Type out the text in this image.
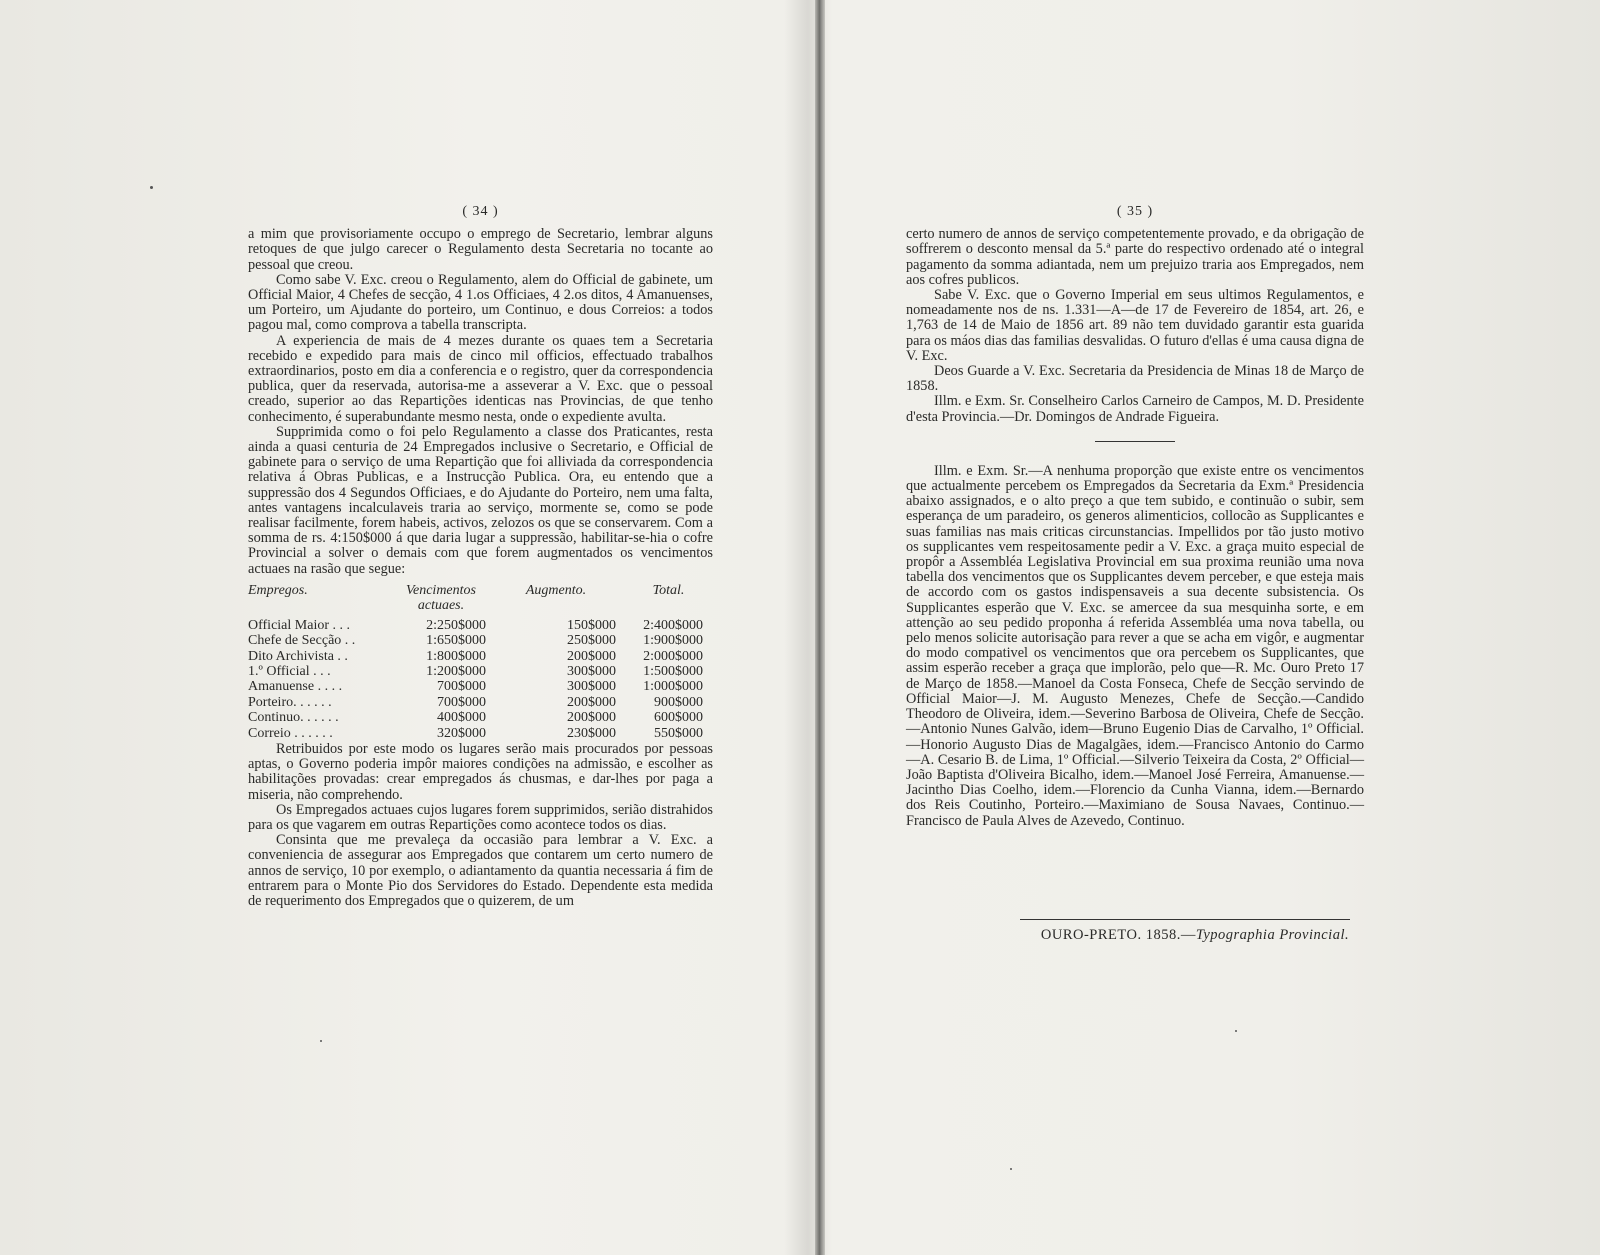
( 34 )

a mim que provisoriamente occupo o emprego de Secretario, lembrar alguns retoques de que julgo carecer o Regulamento desta Secretaria no tocante ao pessoal que creou.

Como sabe V. Exc. creou o Regulamento, alem do Official de gabinete, um Official Maior, 4 Chefes de secção, 4 1.os Officiaes, 4 2.os ditos, 4 Amanuenses, um Porteiro, um Ajudante do porteiro, um Continuo, e dous Correios: a todos pagou mal, como comprova a tabella transcripta.

A experiencia de mais de 4 mezes durante os quaes tem a Secretaria recebido e expedido para mais de cinco mil officios, effectuado trabalhos extraordinarios, posto em dia a conferencia e o registro, quer da correspondencia publica, quer da reservada, autorisa-me a asseverar a V. Exc. que o pessoal creado, superior ao das Repartições identicas nas Provincias, de que tenho conhecimento, é superabundante mesmo nesta, onde o expediente avulta.

Supprimida como o foi pelo Regulamento a classe dos Praticantes, resta ainda a quasi centuria de 24 Empregados inclusive o Secretario, e Official de gabinete para o serviço de uma Repartição que foi alliviada da correspondencia relativa á Obras Publicas, e a Instrucção Publica. Ora, eu entendo que a suppressão dos 4 Segundos Officiaes, e do Ajudante do Porteiro, nem uma falta, antes vantagens incalculaveis traria ao serviço, mormente se, como se pode realisar facilmente, forem habeis, activos, zelozos os que se conservarem. Com a somma de rs. 4:150$000 á que daria lugar a suppressão, habilitar-se-hia o cofre Provincial a solver o demais com que forem augmentados os vencimentos actuaes na rasão que segue:

Empregos.	Vencimentos actuaes.	Augmento.	Total.
Official Maior . . .	2:250$000	150$000	2:400$000
Chefe de Secção . .	1:650$000	250$000	1:900$000
Dito Archivista . .	1:800$000	200$000	2:000$000
1.º Official . . .	1:200$000	300$000	1:500$000
Amanuense . . . .	700$000	300$000	1:000$000
Porteiro. . . . . .	700$000	200$000	900$000
Continuo. . . . . .	400$000	200$000	600$000
Correio . . . . . .	320$000	230$000	550$000

Retribuidos por este modo os lugares serão mais procurados por pessoas aptas, o Governo poderia impôr maiores condições na admissão, e escolher as habilitações provadas: crear empregados ás chusmas, e dar-lhes por paga a miseria, não comprehendo.

Os Empregados actuaes cujos lugares forem supprimidos, serião distrahidos para os que vagarem em outras Repartições como acontece todos os dias.

Consinta que me prevaleça da occasião para lembrar a V. Exc. a conveniencia de assegurar aos Empregados que contarem um certo numero de annos de serviço, 10 por exemplo, o adiantamento da quantia necessaria á fim de entrarem para o Monte Pio dos Servidores do Estado. Dependente esta medida de requerimento dos Empregados que o quizerem, de um

( 35 )

certo numero de annos de serviço competentemente provado, e da obrigação de soffrerem o desconto mensal da 5.ª parte do respectivo ordenado até o integral pagamento da somma adiantada, nem um prejuizo traria aos Empregados, nem aos cofres publicos.

Sabe V. Exc. que o Governo Imperial em seus ultimos Regulamentos, e nomeadamente nos de ns. 1.331—A—de 17 de Fevereiro de 1854, art. 26, e 1,763 de 14 de Maio de 1856 art. 89 não tem duvidado garantir esta guarida para os máos dias das familias desvalidas. O futuro d'ellas é uma causa digna de V. Exc.

Deos Guarde a V. Exc. Secretaria da Presidencia de Minas 18 de Março de 1858.

Illm. e Exm. Sr. Conselheiro Carlos Carneiro de Campos, M. D. Presidente d'esta Provincia.—Dr. Domingos de Andrade Figueira.

Illm. e Exm. Sr.—A nenhuma proporção que existe entre os vencimentos que actualmente percebem os Empregados da Secretaria da Exm.ª Presidencia abaixo assignados, e o alto preço a que tem subido, e continuão o subir, sem esperança de um paradeiro, os generos alimenticios, collocão as Supplicantes e suas familias nas mais criticas circunstancias. Impellidos por tão justo motivo os supplicantes vem respeitosamente pedir a V. Exc. a graça muito especial de propôr a Assembléa Legislativa Provincial em sua proxima reunião uma nova tabella dos vencimentos que os Supplicantes devem perceber, e que esteja mais de accordo com os gastos indispensaveis a sua decente subsistencia. Os Supplicantes esperão que V. Exc. se amercee da sua mesquinha sorte, e em attenção ao seu pedido proponha á referida Assembléa uma nova tabella, ou pelo menos solicite autorisação para rever a que se acha em vigôr, e augmentar do modo compativel os vencimentos que ora percebem os Supplicantes, que assim esperão receber a graça que implorão, pelo que—R. Mc. Ouro Preto 17 de Março de 1858.—Manoel da Costa Fonseca, Chefe de Secção servindo de Official Maior—J. M. Augusto Menezes, Chefe de Secção.—Candido Theodoro de Oliveira, idem.—Severino Barbosa de Oliveira, Chefe de Secção.—Antonio Nunes Galvão, idem—Bruno Eugenio Dias de Carvalho, 1º Official.—Honorio Augusto Dias de Magalgães, idem.—Francisco Antonio do Carmo—A. Cesario B. de Lima, 1º Official.—Silverio Teixeira da Costa, 2º Official—João Baptista d'Oliveira Bicalho, idem.—Manoel José Ferreira, Amanuense.—Jacintho Dias Coelho, idem.—Florencio da Cunha Vianna, idem.—Bernardo dos Reis Coutinho, Porteiro.—Maximiano de Sousa Navaes, Continuo.—Francisco de Paula Alves de Azevedo, Continuo.

OURO-PRETO. 1858.—Typographia Provincial.
